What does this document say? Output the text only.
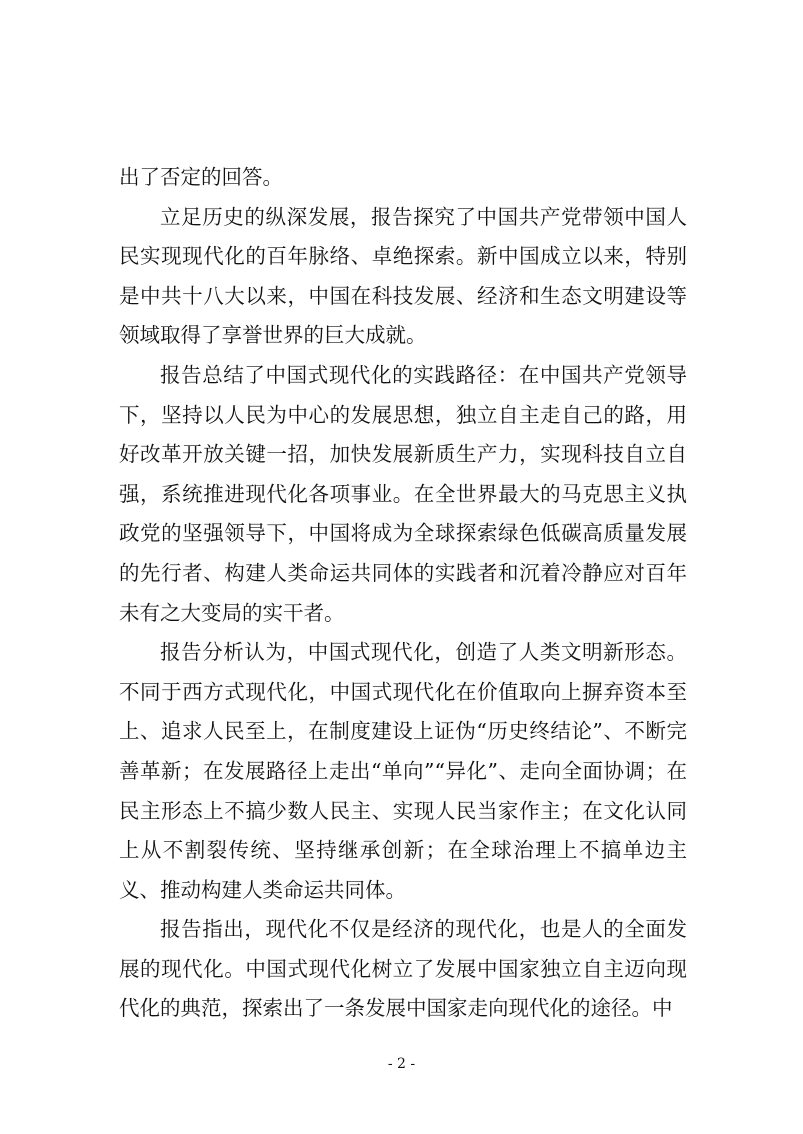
出了否定的回答。

立足历史的纵深发展，报告探究了中国共产党带领中国人民实现现代化的百年脉络、卓绝探索。新中国成立以来，特别是中共十八大以来，中国在科技发展、经济和生态文明建设等领域取得了享誉世界的巨大成就。

报告总结了中国式现代化的实践路径：在中国共产党领导下，坚持以人民为中心的发展思想，独立自主走自己的路，用好改革开放关键一招，加快发展新质生产力，实现科技自立自强，系统推进现代化各项事业。在全世界最大的马克思主义执政党的坚强领导下，中国将成为全球探索绿色低碳高质量发展的先行者、构建人类命运共同体的实践者和沉着冷静应对百年未有之大变局的实干者。

报告分析认为，中国式现代化，创造了人类文明新形态。不同于西方式现代化，中国式现代化在价值取向上摒弃资本至上、追求人民至上，在制度建设上证伪“历史终结论”、不断完善革新；在发展路径上走出“单向”“异化”、走向全面协调；在民主形态上不搞少数人民主、实现人民当家作主；在文化认同上从不割裂传统、坚持继承创新；在全球治理上不搞单边主义、推动构建人类命运共同体。

报告指出，现代化不仅是经济的现代化，也是人的全面发展的现代化。中国式现代化树立了发展中国家独立自主迈向现代化的典范，探索出了一条发展中国家走向现代化的途径。中

- 2 -
